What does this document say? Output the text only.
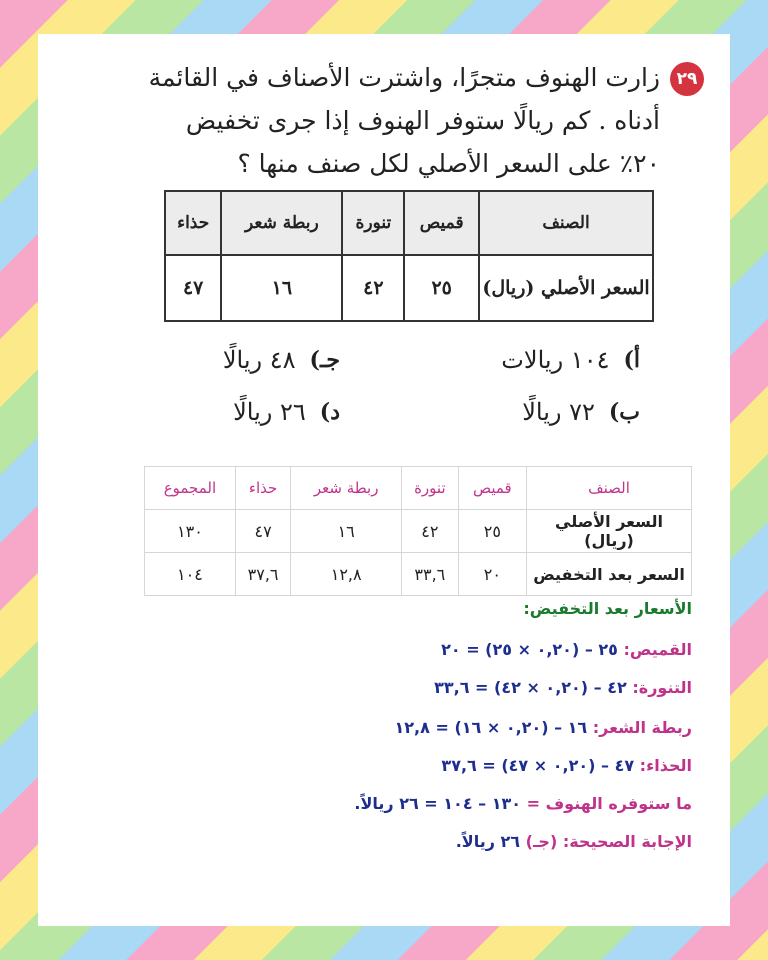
٢٩
زارت الهنوف متجرًا، واشترت الأصناف في القائمة
أدناه . كم ريالًا ستوفر الهنوف إذا جرى تخفيض
٢٠٪ على السعر الأصلي لكل صنف منها ؟
الصنف	قميص	تنورة	ربطة شعر	حذاء
السعر الأصلي (ريال)	٢٥	٤٢	١٦	٤٧
أ)
١٠٤ ريالات
جـ)
٤٨ ريالًا
ب)
٧٢ ريالًا
د)
٢٦ ريالًا
الصنف	قميص	تنورة	ربطة شعر	حذاء	المجموع
السعر الأصلي (ريال)	٢٥	٤٢	١٦	٤٧	١٣٠
السعر بعد التخفيض	٢٠	٣٣,٦	١٢,٨	٣٧,٦	١٠٤
الأسعار بعد التخفيض:
القميص: ٢٥ – (٠,٢٠ × ٢٥) = ٢٠
التنورة: ٤٢ – (٠,٢٠ × ٤٢) = ٣٣,٦
ربطة الشعر: ١٦ – (٠,٢٠ × ١٦) = ١٢,٨
الحذاء: ٤٧ – (٠,٢٠ × ٤٧) = ٣٧,٦
ما ستوفره الهنوف = ١٣٠ – ١٠٤ = ٢٦ ريالاً.
الإجابة الصحيحة: (جـ) ٢٦ ريالاً.
